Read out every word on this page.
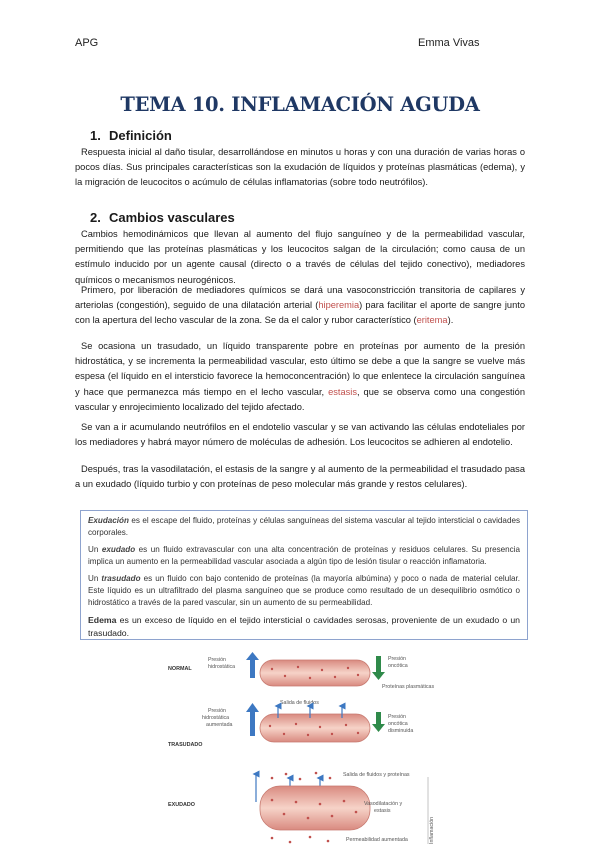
APG	Emma Vivas
TEMA 10. INFLAMACIÓN AGUDA
1. Definición

Respuesta inicial al daño tisular, desarrollándose en minutos u horas y con una duración de varias horas o pocos días. Sus principales características son la exudación de líquidos y proteínas plasmáticas (edema), y la migración de leucocitos o acúmulo de células inflamatorias (sobre todo neutrófilos).

2. Cambios vasculares

Cambios hemodinámicos que llevan al aumento del flujo sanguíneo y de la permeabilidad vascular, permitiendo que las proteínas plasmáticas y los leucocitos salgan de la circulación; como causa de un estímulo inducido por un agente causal (directo o a través de células del tejido conectivo), mediadores químicos o mecanismos neurogénicos.

Primero, por liberación de mediadores químicos se dará una vasoconstricción transitoria de capilares y arteriolas (congestión), seguido de una dilatación arterial (hiperemia) para facilitar el aporte de sangre junto con la apertura del lecho vascular de la zona. Se da el calor y rubor característico (eritema).

Se ocasiona un trasudado, un líquido transparente pobre en proteínas por aumento de la presión hidrostática, y se incrementa la permeabilidad vascular, esto último se debe a que la sangre se vuelve más espesa (el líquido en el intersticio favorece la hemoconcentración) lo que enlentece la circulación sanguínea y hace que permanezca más tiempo en el lecho vascular, estasis, que se observa como una congestión vascular y enrojecimiento localizado del tejido afectado.

Se van a ir acumulando neutrófilos en el endotelio vascular y se van activando las células endoteliales por los mediadores y habrá mayor número de moléculas de adhesión. Los leucocitos se adhieren al endotelio.

Después, tras la vasodilatación, el estasis de la sangre y al aumento de la permeabilidad el trasudado pasa a un exudado (líquido turbio y con proteínas de peso molecular más grande y restos celulares).

Exudación es el escape del fluido, proteínas y células sanguíneas del sistema vascular al tejido intersticial o cavidades corporales.

Un exudado es un fluido extravascular con una alta concentración de proteínas y residuos celulares. Su presencia implica un aumento en la permeabilidad vascular asociada a algún tipo de lesión tisular o reacción inflamatoria.

Un trasudado es un fluido con bajo contenido de proteínas (la mayoría albúmina) y poco o nada de material celular. Este líquido es un ultrafiltrado del plasma sanguíneo que se produce como resultado de un desequilibrio osmótico o hidrostático a través de la pared vascular, sin un aumento de su permeabilidad.

Edema es un exceso de líquido en el tejido intersticial o cavidades serosas, proveniente de un exudado o un trasudado.

NORMAL
Presión
hidrostática
Presión
oncótica
Proteínas plasmáticas
TRASUDADO
Salida de fluidos
Presión
hidrostática
aumentada
Presión
oncótica
disminuida
EXUDADO
Salida de fluidos y proteínas
Vasodilatación y
estasis
Permeabilidad aumentada	Inflamación
